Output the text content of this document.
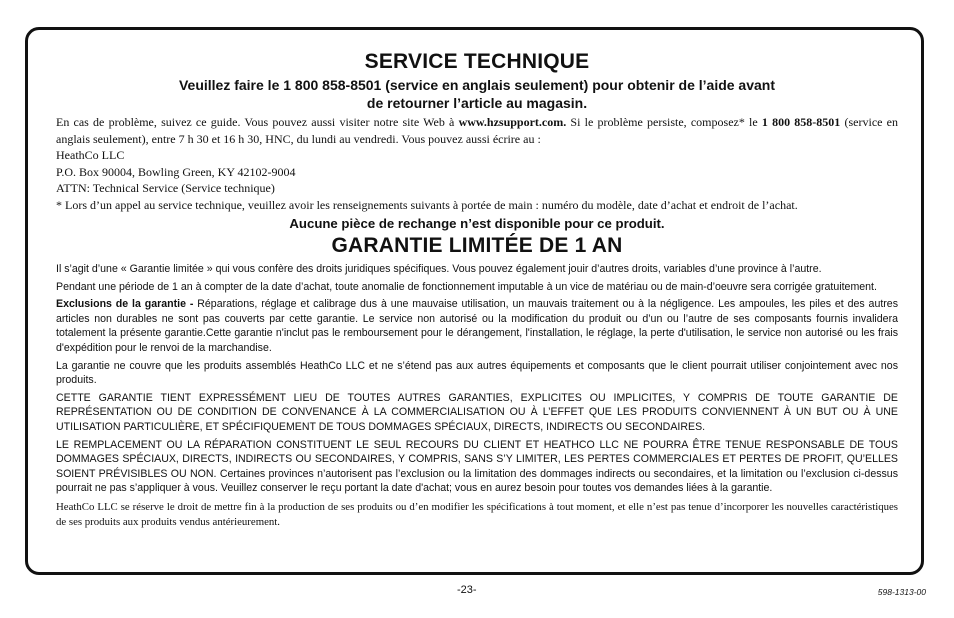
SERVICE TECHNIQUE
Veuillez faire le 1 800 858-8501 (service en anglais seulement) pour obtenir de l’aide avant
de retourner l’article au magasin.

En cas de problème, suivez ce guide. Vous pouvez aussi visiter notre site Web à www.hzsupport.com. Si le problème persiste, composez* le 1 800 858-8501 (service en anglais seulement), entre 7 h 30 et 16 h 30, HNC, du lundi au vendredi. Vous pouvez aussi écrire au :

HeathCo LLC

P.O. Box 90004, Bowling Green, KY 42102-9004

ATTN: Technical Service (Service technique)

* Lors d’un appel au service technique, veuillez avoir les renseignements suivants à portée de main : numéro du modèle, date d’achat et endroit de l’achat.

Aucune pièce de rechange n’est disponible pour ce produit.
GARANTIE LIMITÉE DE 1 AN

Il s’agit d’une « Garantie limitée » qui vous confère des droits juridiques spécifiques. Vous pouvez également jouir d’autres droits, variables d’une province à l’autre.

Pendant une période de 1 an à compter de la date d’achat, toute anomalie de fonctionnement imputable à un vice de matériau ou de main-d’oeuvre sera corrigée gratuitement.

Exclusions de la garantie - Réparations, réglage et calibrage dus à une mauvaise utilisation, un mauvais traitement ou à la négligence. Les ampoules, les piles et des autres articles non durables ne sont pas couverts par cette garantie. Le service non autorisé ou la modification du produit ou d’un ou l’autre de ses composants fournis invalidera totalement la présente garantie.Cette garantie n'inclut pas le remboursement pour le dérangement, l'installation, le réglage, la perte d'utilisation, le service non autorisé ou les frais d'expédition pour le renvoi de la marchandise.

La garantie ne couvre que les produits assemblés HeathCo LLC et ne s’étend pas aux autres équipements et composants que le client pourrait utiliser conjointement avec nos produits.

CETTE GARANTIE TIENT EXPRESSÉMENT LIEU DE TOUTES AUTRES GARANTIES, EXPLICITES OU IMPLICITES, Y COMPRIS DE TOUTE GARANTIE DE REPRÉSENTATION OU DE CONDITION DE CONVENANCE À LA COMMERCIALISATION OU À L’EFFET QUE LES PRODUITS CONVIENNENT À UN BUT OU À UNE UTILISATION PARTICULIÈRE, ET SPÉCIFIQUEMENT DE TOUS DOMMAGES SPÉCIAUX, DIRECTS, INDIRECTS OU SECONDAIRES.

LE REMPLACEMENT OU LA RÉPARATION CONSTITUENT LE SEUL RECOURS DU CLIENT ET HEATHCO LLC NE POURRA ÊTRE TENUE RESPONSABLE DE TOUS DOMMAGES SPÉCIAUX, DIRECTS, INDIRECTS OU SECONDAIRES, Y COMPRIS, SANS S’Y LIMITER, LES PERTES COMMERCIALES ET PERTES DE PROFIT, QU’ELLES SOIENT PRÉVISIBLES OU NON. Certaines provinces n’autorisent pas l’exclusion ou la limitation des dommages indirects ou secondaires, et la limitation ou l’exclusion ci-dessus pourrait ne pas s’appliquer à vous. Veuillez conserver le reçu portant la date d'achat; vous en aurez besoin pour toutes vos demandes liées à la garantie.

HeathCo LLC se réserve le droit de mettre fin à la production de ses produits ou d’en modifier les spécifications à tout moment, et elle n’est pas tenue d’incorporer les nouvelles caractéristiques de ses produits aux produits vendus antérieurement.

-23-	598-1313-00
